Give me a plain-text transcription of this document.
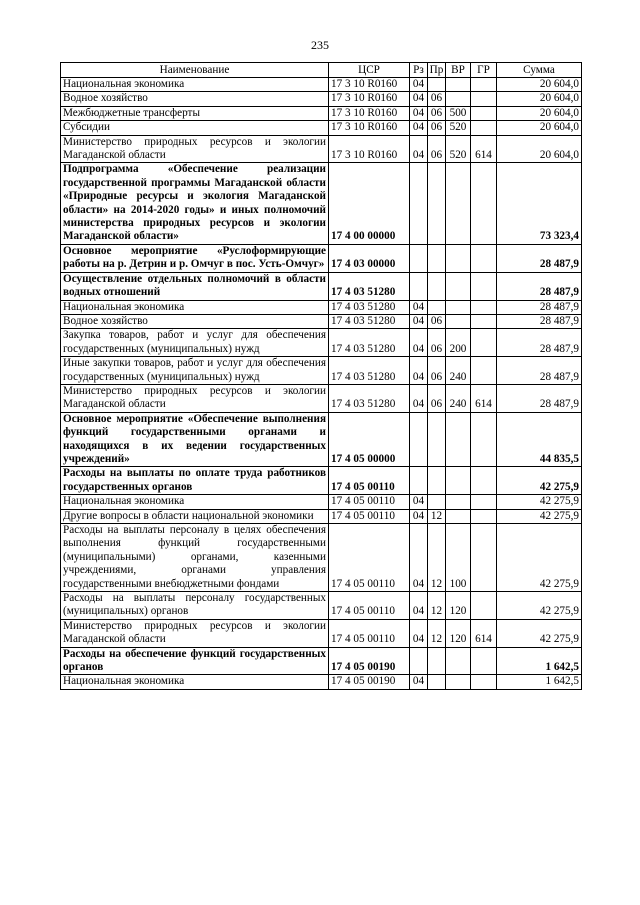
235
Наименование	ЦСР	Рз	Пр	ВР	ГР	Сумма
Национальная экономика	17 3 10 R0160	04				20 604,0
Водное хозяйство	17 3 10 R0160	04	06			20 604,0
Межбюджетные трансферты	17 3 10 R0160	04	06	500		20 604,0
Субсидии	17 3 10 R0160	04	06	520		20 604,0
Министерство природных ресурсов и экологии Магаданской области	17 3 10 R0160	04	06	520	614	20 604,0
Подпрограмма «Обеспечение реализации государственной программы Магаданской области «Природные ресурсы и экология Магаданской области» на 2014-2020 годы» и иных полномочий министерства природных ресурсов и экологии Магаданской области»	17 4 00 00000					73 323,4
Основное мероприятие «Руслоформирующие работы на р. Детрин и р. Омчуг в пос. Усть-Омчуг»	17 4 03 00000					28 487,9
Осуществление отдельных полномочий в области водных отношений	17 4 03 51280					28 487,9
Национальная экономика	17 4 03 51280	04				28 487,9
Водное хозяйство	17 4 03 51280	04	06			28 487,9
Закупка товаров, работ и услуг для обеспечения государственных (муниципальных) нужд	17 4 03 51280	04	06	200		28 487,9
Иные закупки товаров, работ и услуг для обеспечения государственных (муниципальных) нужд	17 4 03 51280	04	06	240		28 487,9
Министерство природных ресурсов и экологии Магаданской области	17 4 03 51280	04	06	240	614	28 487,9
Основное мероприятие «Обеспечение выполнения функций государственными органами и находящихся в их ведении государственных учреждений»	17 4 05 00000					44 835,5
Расходы на выплаты по оплате труда работников государственных органов	17 4 05 00110					42 275,9
Национальная экономика	17 4 05 00110	04				42 275,9
Другие вопросы в области национальной экономики	17 4 05 00110	04	12			42 275,9
Расходы на выплаты персоналу в целях обеспечения выполнения функций государственными (муниципальными) органами, казенными учреждениями, органами управления государственными внебюджетными фондами	17 4 05 00110	04	12	100		42 275,9
Расходы на выплаты персоналу государственных (муниципальных) органов	17 4 05 00110	04	12	120		42 275,9
Министерство природных ресурсов и экологии Магаданской области	17 4 05 00110	04	12	120	614	42 275,9
Расходы на обеспечение функций государственных органов	17 4 05 00190					1 642,5
Национальная экономика	17 4 05 00190	04				1 642,5
